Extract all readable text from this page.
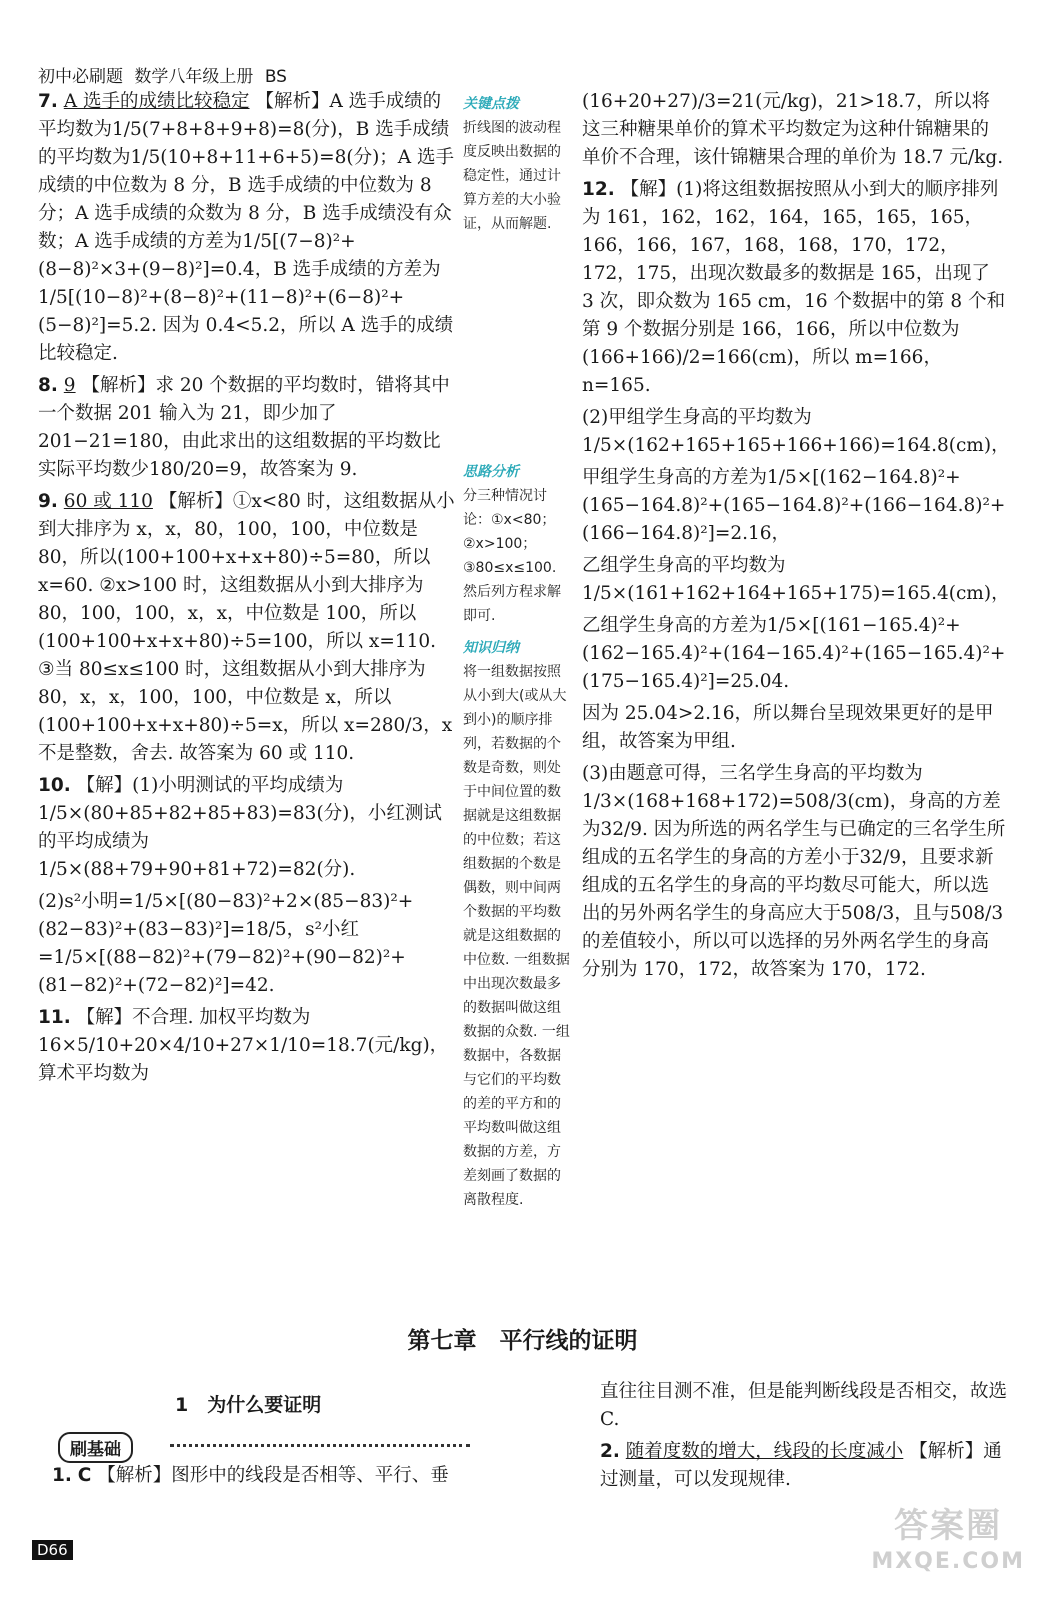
初中必刷题 数学八年级上册 BS

7. A 选手的成绩比较稳定 【解析】A 选手成绩的平均数为1/5(7+8+8+9+8)=8(分)，B 选手成绩的平均数为1/5(10+8+11+6+5)=8(分)；A 选手成绩的中位数为 8 分，B 选手成绩的中位数为 8 分；A 选手成绩的众数为 8 分，B 选手成绩没有众数；A 选手成绩的方差为1/5[(7−8)²+(8−8)²×3+(9−8)²]=0.4，B 选手成绩的方差为1/5[(10−8)²+(8−8)²+(11−8)²+(6−8)²+(5−8)²]=5.2. 因为 0.4<5.2，所以 A 选手的成绩比较稳定.

8. 9 【解析】求 20 个数据的平均数时，错将其中一个数据 201 输入为 21，即少加了 201−21=180，由此求出的这组数据的平均数比实际平均数少180/20=9，故答案为 9.

9. 60 或 110 【解析】①x<80 时，这组数据从小到大排序为 x，x，80，100，100，中位数是 80，所以(100+100+x+x+80)÷5=80，所以 x=60. ②x>100 时，这组数据从小到大排序为 80，100，100，x，x，中位数是 100，所以(100+100+x+x+80)÷5=100，所以 x=110. ③当 80≤x≤100 时，这组数据从小到大排序为 80，x，x，100，100，中位数是 x，所以(100+100+x+x+80)÷5=x，所以 x=280/3，x 不是整数，舍去. 故答案为 60 或 110.

10. 【解】(1)小明测试的平均成绩为1/5×(80+85+82+85+83)=83(分)，小红测试的平均成绩为1/5×(88+79+90+81+72)=82(分).

(2)s²小明=1/5×[(80−83)²+2×(85−83)²+(82−83)²+(83−83)²]=18/5，s²小红=1/5×[(88−82)²+(79−82)²+(90−82)²+(81−82)²+(72−82)²]=42.

11. 【解】不合理. 加权平均数为 16×5/10+20×4/10+27×1/10=18.7(元/kg)，算术平均数为

关键点拨
折线图的波动程度反映出数据的稳定性，通过计算方差的大小验证，从而解题.
思路分析
分三种情况讨论：①x<80；②x>100；③80≤x≤100. 然后列方程求解即可.
知识归纳
将一组数据按照从小到大(或从大到小)的顺序排列，若数据的个数是奇数，则处于中间位置的数据就是这组数据的中位数；若这组数据的个数是偶数，则中间两个数据的平均数就是这组数据的中位数. 一组数据中出现次数最多的数据叫做这组数据的众数. 一组数据中，各数据与它们的平均数的差的平方和的平均数叫做这组数据的方差，方差刻画了数据的离散程度.

(16+20+27)/3=21(元/kg)，21>18.7，所以将这三种糖果单价的算术平均数定为这种什锦糖果的单价不合理，该什锦糖果合理的单价为 18.7 元/kg.

12. 【解】(1)将这组数据按照从小到大的顺序排列为 161，162，162，164，165，165，165，166，166，167，168，168，170，172，172，175，出现次数最多的数据是 165，出现了 3 次，即众数为 165 cm，16 个数据中的第 8 个和第 9 个数据分别是 166，166，所以中位数为(166+166)/2=166(cm)，所以 m=166，n=165.

(2)甲组学生身高的平均数为1/5×(162+165+165+166+166)=164.8(cm)，

甲组学生身高的方差为1/5×[(162−164.8)²+(165−164.8)²+(165−164.8)²+(166−164.8)²+(166−164.8)²]=2.16，

乙组学生身高的平均数为1/5×(161+162+164+165+175)=165.4(cm)，

乙组学生身高的方差为1/5×[(161−165.4)²+(162−165.4)²+(164−165.4)²+(165−165.4)²+(175−165.4)²]=25.04.

因为 25.04>2.16，所以舞台呈现效果更好的是甲组，故答案为甲组.

(3)由题意可得，三名学生身高的平均数为1/3×(168+168+172)=508/3(cm)，身高的方差为32/9. 因为所选的两名学生与已确定的三名学生所组成的五名学生的身高的方差小于32/9，且要求新组成的五名学生的身高的平均数尽可能大，所以选出的另外两名学生的身高应大于508/3，且与508/3的差值较小，所以可以选择的另外两名学生的身高分别为 170，172，故答案为 170，172.

第七章　平行线的证明
1　为什么要证明
刷基础

1. C 【解析】图形中的线段是否相等、平行、垂

直往往目测不准，但是能判断线段是否相交，故选 C.

2. 随着度数的增大，线段的长度减小 【解析】通过测量，可以发现规律.

D66
答案圈
MXQE.COM
